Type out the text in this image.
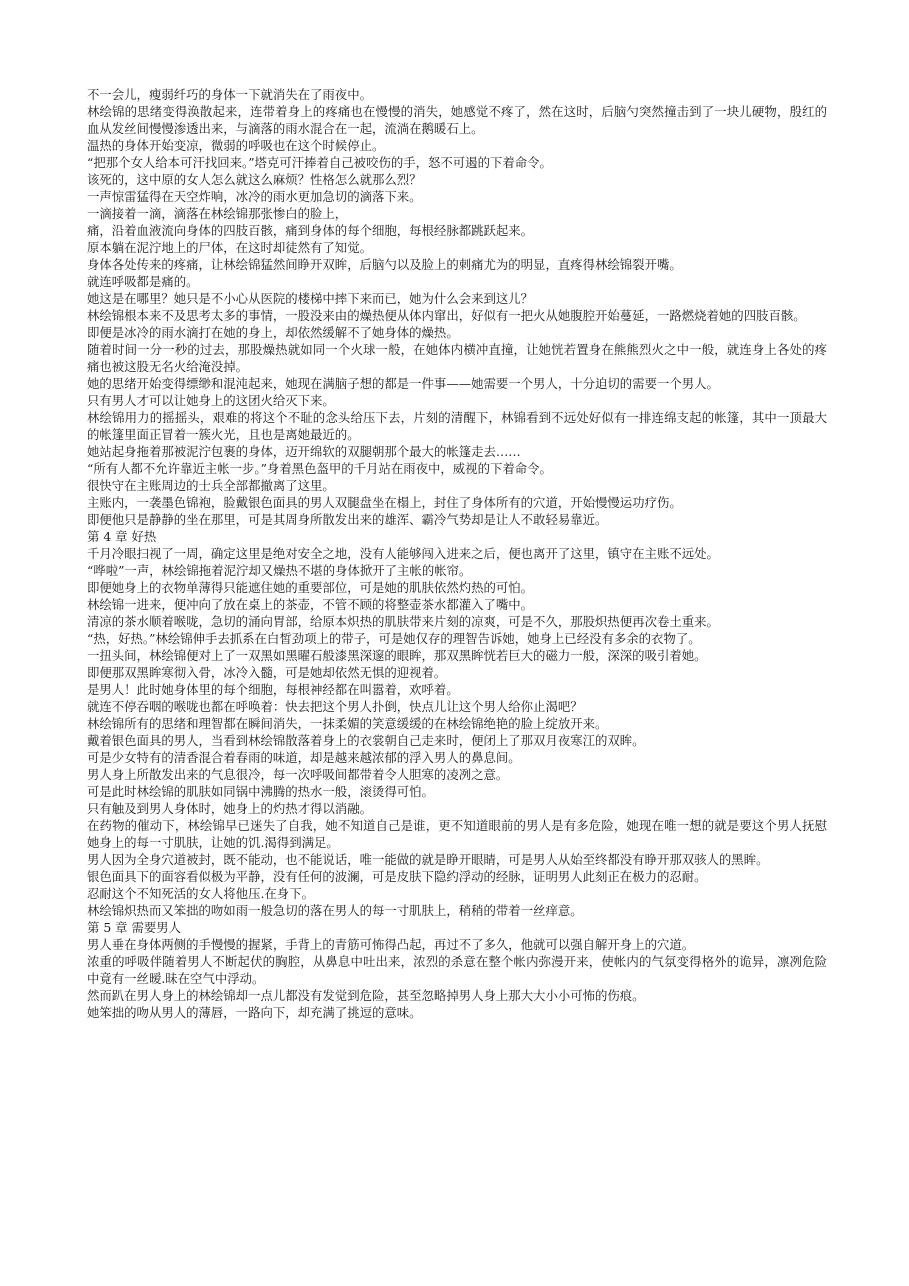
不一会儿，瘦弱纤巧的身体一下就消失在了雨夜中。

林绘锦的思绪变得涣散起来，连带着身上的疼痛也在慢慢的消失，她感觉不疼了，然在这时，后脑勺突然撞击到了一块儿硬物，殷红的血从发丝间慢慢渗透出来，与滴落的雨水混合在一起，流淌在鹅暖石上。

温热的身体开始变凉，微弱的呼吸也在这个时候停止。

“把那个女人给本可汗找回来。”塔克可汗捧着自己被咬伤的手，怒不可遏的下着命令。

该死的，这中原的女人怎么就这么麻烦？性格怎么就那么烈？

一声惊雷猛得在天空炸响，冰冷的雨水更加急切的滴落下来。

一滴接着一滴，滴落在林绘锦那张惨白的脸上，

痛，沿着血液流向身体的四肢百骸，痛到身体的每个细胞，每根经脉都跳跃起来。

原本躺在泥泞地上的尸体，在这时却徒然有了知觉。

身体各处传来的疼痛，让林绘锦猛然间睁开双眸，后脑勺以及脸上的刺痛尤为的明显，直疼得林绘锦裂开嘴。

就连呼吸都是痛的。

她这是在哪里？她只是不小心从医院的楼梯中摔下来而已，她为什么会来到这儿？

林绘锦根本来不及思考太多的事情，一股没来由的燥热便从体内窜出，好似有一把火从她腹腔开始蔓延，一路燃烧着她的四肢百骸。

即便是冰冷的雨水滴打在她的身上，却依然缓解不了她身体的燥热。

随着时间一分一秒的过去，那股燥热就如同一个火球一般，在她体内横冲直撞，让她恍若置身在熊熊烈火之中一般，就连身上各处的疼痛也被这股无名火给淹没掉。

她的思绪开始变得缥缈和混沌起来，她现在满脑子想的都是一件事——她需要一个男人，十分迫切的需要一个男人。

只有男人才可以让她身上的这团火给灭下来。

林绘锦用力的摇摇头，艰难的将这个不耻的念头给压下去，片刻的清醒下，林锦看到不远处好似有一排连绵支起的帐篷，其中一顶最大的帐篷里面正冒着一簇火光，且也是离她最近的。

她站起身拖着那被泥泞包裹的身体，迈开绵软的双腿朝那个最大的帐篷走去……

“所有人都不允许靠近主帐一步。”身着黑色盔甲的千月站在雨夜中，威视的下着命令。

很快守在主账周边的士兵全部都撤离了这里。

主账内，一袭墨色锦袍，脸戴银色面具的男人双腿盘坐在榻上，封住了身体所有的穴道，开始慢慢运功疗伤。

即便他只是静静的坐在那里，可是其周身所散发出来的雄浑、霸冷气势却是让人不敢轻易靠近。

第 4 章 好热

千月冷眼扫视了一周，确定这里是绝对安全之地，没有人能够闯入进来之后，便也离开了这里，镇守在主账不远处。

“哗啦”一声，林绘锦拖着泥泞却又燥热不堪的身体掀开了主帐的帐帘。

即便她身上的衣物单薄得只能遮住她的重要部位，可是她的肌肤依然灼热的可怕。

林绘锦一进来，便冲向了放在桌上的茶壶，不管不顾的将整壶茶水都灌入了嘴中。

清凉的茶水顺着喉咙，急切的涌向胃部，给原本炽热的肌肤带来片刻的凉爽，可是不久，那股炽热便再次卷土重来。

“热，好热。”林绘锦伸手去抓系在白皙劲项上的带子，可是她仅存的理智告诉她，她身上已经没有多余的衣物了。

一扭头间，林绘锦便对上了一双黑如黑曜石般漆黑深邃的眼眸，那双黑眸恍若巨大的磁力一般，深深的吸引着她。

即便那双黑眸寒彻入骨，冰冷入髓，可是她却依然无惧的迎视着。

是男人！此时她身体里的每个细胞，每根神经都在叫嚣着，欢呼着。

就连不停吞咽的喉咙也都在呼唤着：快去把这个男人扑倒，快点儿让这个男人给你止渴吧？

林绘锦所有的思绪和理智都在瞬间消失，一抹柔媚的笑意缓缓的在林绘锦绝艳的脸上绽放开来。

戴着银色面具的男人，当看到林绘锦散落着身上的衣裳朝自己走来时，便闭上了那双月夜寒江的双眸。

可是少女特有的清香混合着春雨的味道，却是越来越浓郁的浮入男人的鼻息间。

男人身上所散发出来的气息很冷，每一次呼吸间都带着令人胆寒的凌冽之意。

可是此时林绘锦的肌肤如同锅中沸腾的热水一般，滚烫得可怕。

只有触及到男人身体时，她身上的灼热才得以消融。

在药物的催动下，林绘锦早已迷失了自我，她不知道自己是谁，更不知道眼前的男人是有多危险，她现在唯一想的就是要这个男人抚慰她身上的每一寸肌肤，让她的饥.渴得到满足。

男人因为全身穴道被封，既不能动，也不能说话，唯一能做的就是睁开眼睛，可是男人从始至终都没有睁开那双骇人的黑眸。

银色面具下的面容看似极为平静，没有任何的波澜，可是皮肤下隐约浮动的经脉，证明男人此刻正在极力的忍耐。

忍耐这个不知死活的女人将他压.在身下。

林绘锦炽热而又笨拙的吻如雨一般急切的落在男人的每一寸肌肤上，稍稍的带着一丝痒意。

第 5 章 需要男人

男人垂在身体两侧的手慢慢的握紧，手背上的青筋可怖得凸起，再过不了多久，他就可以强自解开身上的穴道。

浓重的呼吸伴随着男人不断起伏的胸腔，从鼻息中吐出来，浓烈的杀意在整个帐内弥漫开来，使帐内的气氛变得格外的诡异，凛冽危险中竟有一丝暧.昧在空气中浮动。

然而趴在男人身上的林绘锦却一点儿都没有发觉到危险，甚至忽略掉男人身上那大大小小可怖的伤痕。

她笨拙的吻从男人的薄唇，一路向下，却充满了挑逗的意味。
